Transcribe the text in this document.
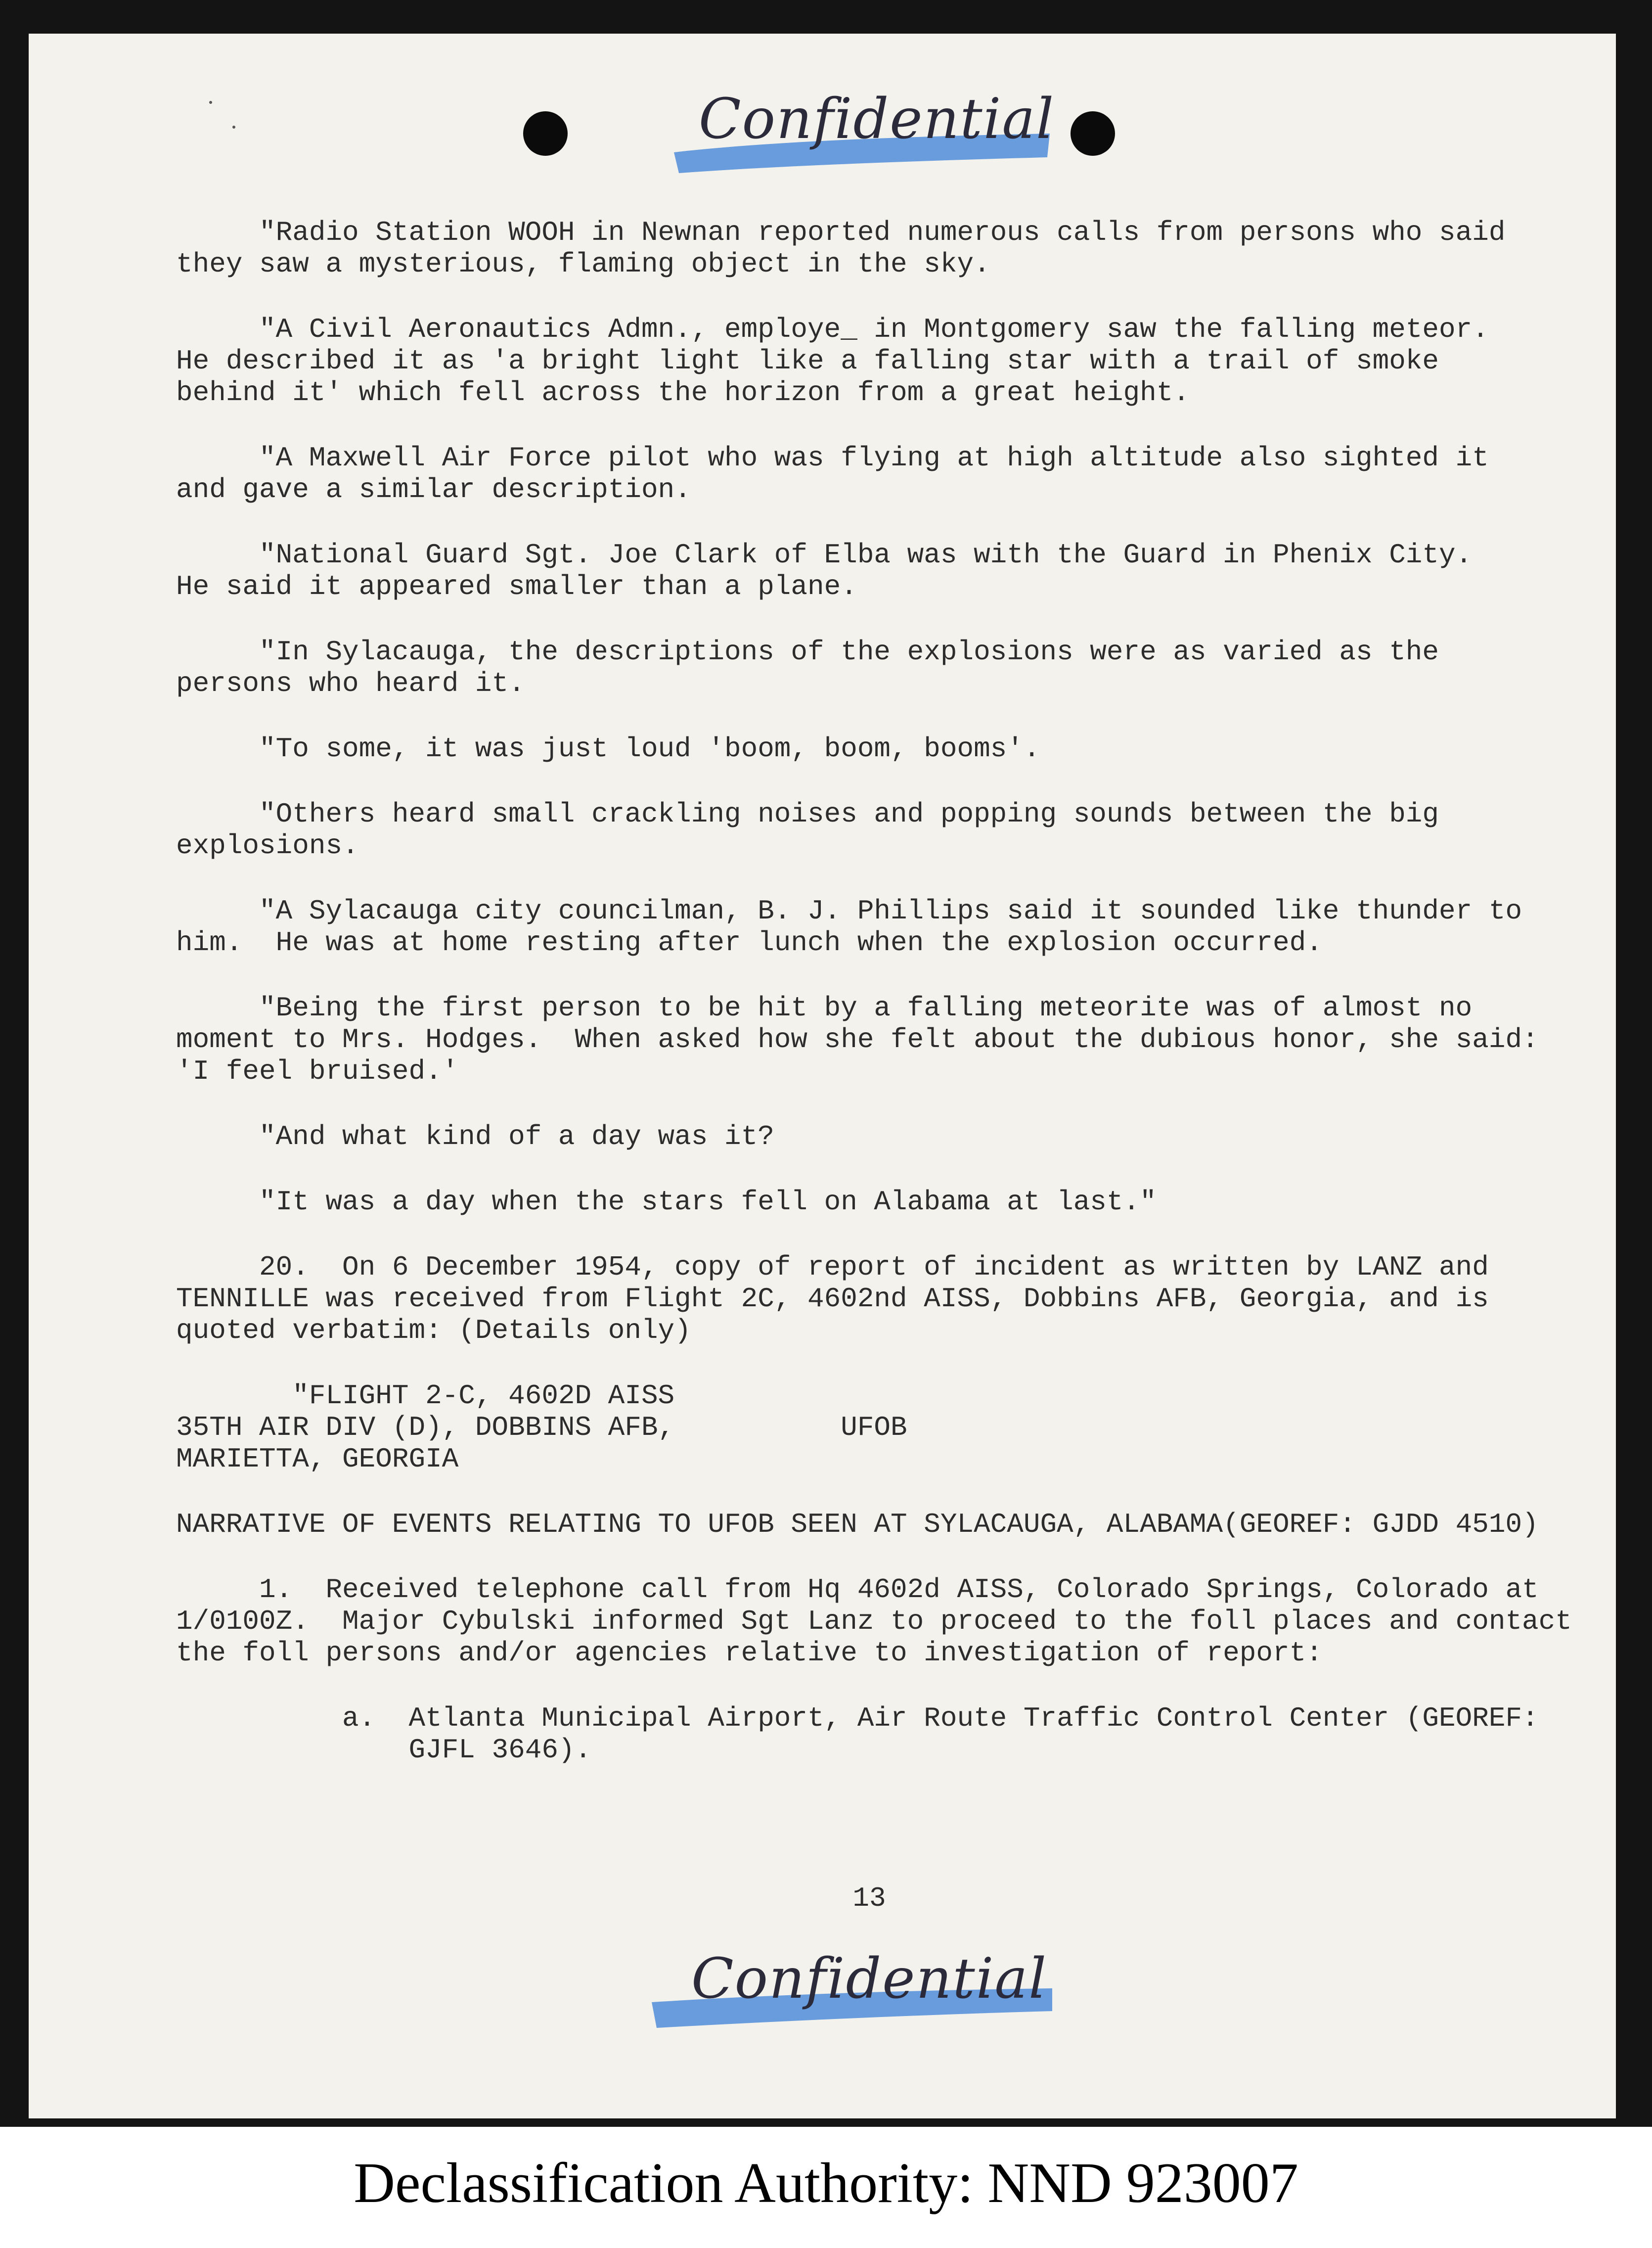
Confidential
"Radio Station WOOH in Newnan reported numerous calls from persons who said
they saw a mysterious, flaming object in the sky.
"A Civil Aeronautics Admn., employe_ in Montgomery saw the falling meteor.
He described it as 'a bright light like a falling star with a trail of smoke
behind it' which fell across the horizon from a great height.
"A Maxwell Air Force pilot who was flying at high altitude also sighted it
and gave a similar description.
"National Guard Sgt. Joe Clark of Elba was with the Guard in Phenix City.
He said it appeared smaller than a plane.
"In Sylacauga, the descriptions of the explosions were as varied as the
persons who heard it.
"To some, it was just loud 'boom, boom, booms'.
"Others heard small crackling noises and popping sounds between the big
explosions.
"A Sylacauga city councilman, B. J. Phillips said it sounded like thunder to
him.  He was at home resting after lunch when the explosion occurred.
"Being the first person to be hit by a falling meteorite was of almost no
moment to Mrs. Hodges.  When asked how she felt about the dubious honor, she said:
'I feel bruised.'
"And what kind of a day was it?
"It was a day when the stars fell on Alabama at last."
20.  On 6 December 1954, copy of report of incident as written by LANZ and
TENNILLE was received from Flight 2C, 4602nd AISS, Dobbins AFB, Georgia, and is
quoted verbatim: (Details only)
"FLIGHT 2-C, 4602D AISS
35TH AIR DIV (D), DOBBINS AFB,          UFOB
MARIETTA, GEORGIA
NARRATIVE OF EVENTS RELATING TO UFOB SEEN AT SYLACAUGA, ALABAMA(GEOREF: GJDD 4510)
1.  Received telephone call from Hq 4602d AISS, Colorado Springs, Colorado at
1/0100Z.  Major Cybulski informed Sgt Lanz to proceed to the foll places and contact
the foll persons and/or agencies relative to investigation of report:
a.  Atlanta Municipal Airport, Air Route Traffic Control Center (GEOREF:
GJFL 3646).
13
Confidential
Declassification Authority: NND 923007
